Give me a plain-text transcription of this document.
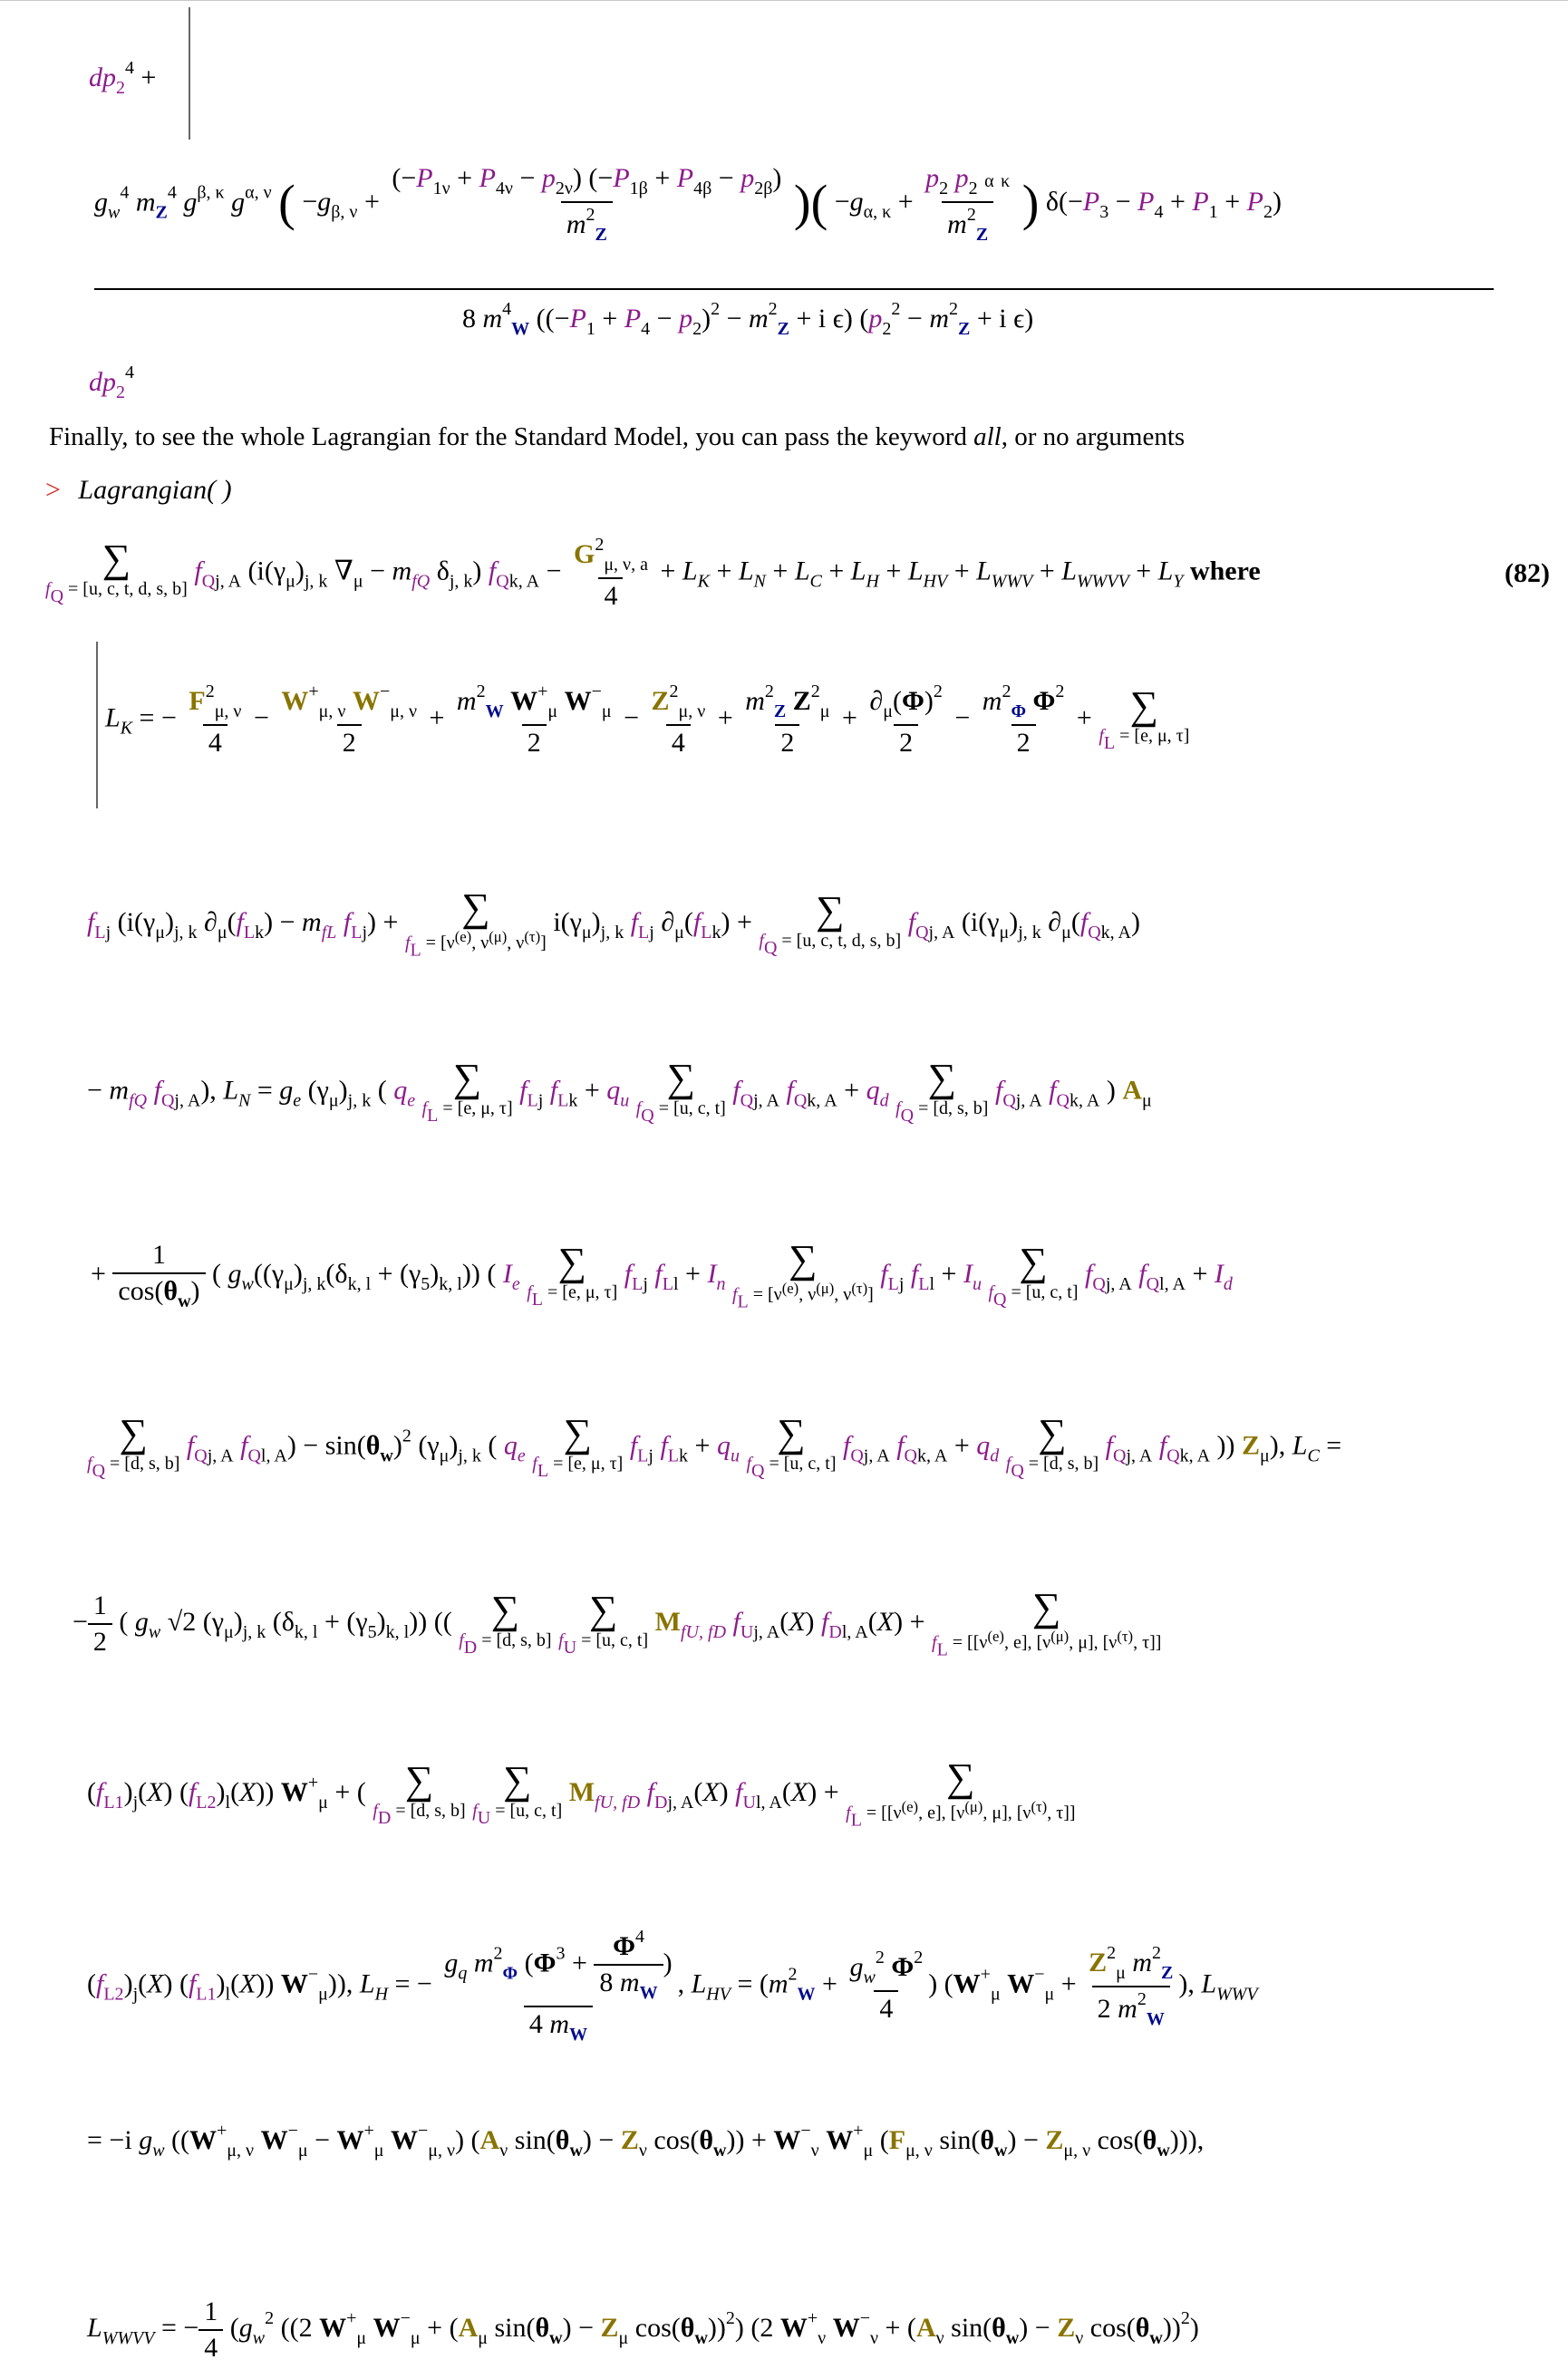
$dp_2^4$ +
$g_w^4$ $m_Z^4$ $g^{\beta, \kappa}$ $g^{\alpha, \nu}$ ( $-g_{\beta, \nu} + \frac{(-P_{1\nu} + P_{4\nu} - p_{2\nu}) (-P_{1\beta} + P_{4\beta} - p_{2\beta})}{m^2_Z}$ )( $-g_{\alpha, \kappa} + \frac{p_2 p_2 \alpha \kappa}{m^2_Z}$ ) $\delta(-P_3 - P_4 + P_1 + P_2)$
8 $m^4_W$ ($(-P_1 + P_4 - p_2)^2 - m^2_Z + i$ ϵ) ($p_2^2 - m^2_Z + i$ ϵ)
$dp_2^4$
Finally, to see the whole Lagrangian for the Standard Model, you can pass the keyword all, or no arguments
> Lagrangian( )
∑
fQ = [u, c, t, d, s, b]
$f_{Qj, A}$ ($i(\gamma_\mu)_{j, k}$ $\nabla_\mu - m_{fQ}$ $\delta_{j, k}$) $f_{Qk, A} - \frac{G^2_{\mu, \nu, a}}{4} + L_K + L_N + L_C + L_H + L_{HV} + L_{WWV} + L_{WWVV} + L_Y$ where	(82)
$L_K$ = − $\frac{F^2_{\mu, \nu}}{4} - \frac{W^+_{\mu, \nu} W^-_{\mu, \nu}}{2} + \frac{m^2_W W^+_\mu W^-_\mu}{2} - \frac{Z^2_{\mu, \nu}}{4} + \frac{m^2_Z Z^2_\mu}{2} + \frac{\partial_\mu(\Phi)^2}{2} - \frac{m^2_\Phi \Phi^2}{2}$ + ∑
fL = [e, μ, τ]
$f_{Lj}$ ($i(\gamma_\mu)_{j, k}$ $\partial_\mu(f_{Lk}) - m_{fL}$ $f_{Lj}$) + ∑
fL = [$\nu^{(e)}$, $\nu^{(\mu)}$, $\nu^{(\tau)}$]
$i(\gamma_\mu)_{j, k}$ $f_{Lj}$ $\partial_\mu(f_{Lk})$ + ∑
fQ = [u, c, t, d, s, b]
$f_{Qj, A}$ ($i(\gamma_\mu)_{j, k}$ $\partial_\mu(f_{Qk, A})$
− $m_{fQ}$ $f_{Qj, A}$), $L_N = g_e$ $(\gamma_\mu)_{j, k}$ ( $q_e$
∑
fL = [e, μ, τ]
$f_{Lj}$ $f_{Lk} + q_u$
∑
fQ = [u, c, t]
$f_{Qj, A}$ $f_{Qk, A} + q_d$
∑
fQ = [d, s, b]
$f_{Qj, A}$ $f_{Qk, A}$ ) $A_\mu$
+ $\frac{1}{\cos(\theta_w)}$ ( $g_w((\gamma_\mu)_{j, k}(\delta_{k, l} + (\gamma_5)_{k, l}))$ ( $I_e$
∑
fL = [e, μ, τ]
$f_{Lj}$ $f_{Ll} + I_n$
∑
fL = [$\nu^{(e)}$, $\nu^{(\mu)}$, $\nu^{(\tau)}$]
$f_{Lj}$ $f_{Ll} + I_u$
∑
fQ = [u, c, t]
$f_{Qj, A}$ $f_{Ql, A} + I_d$
∑
fQ = [d, s, b]
$f_{Qj, A}$ $f_{Ql, A}) - \sin(\theta_w)^2$ $(\gamma_\mu)_{j, k}$ ( $q_e$
∑
fL = [e, μ, τ]
$f_{Lj}$ $f_{Lk} + q_u$
∑
fQ = [u, c, t]
$f_{Qj, A}$ $f_{Qk, A} + q_d$
∑
fQ = [d, s, b]
$f_{Qj, A}$ $f_{Qk, A}$ )) $Z_\mu$), $L_C$ =
− $\frac{1}{2}$ ( $g_w$ √2 $(\gamma_\mu)_{j, k}$ $(\delta_{k, l} + (\gamma_5)_{k, l})$) (( ∑
fD = [d, s, b]

∑
fU = [u, c, t]
$M_{fU, fD}$ $f_{Uj, A}(X) f_{Dl, A}(X)$ +	∑
fL = [[$\nu^{(e)}$, e], [$\nu^{(\mu)}$, μ], [$\nu^{(\tau)}$, τ]]
$(f_{L1})_j(X)$ $(f_{L2})_l(X)$) $W^+_\mu$ + ( ∑
fD = [d, s, b]

∑
fU = [u, c, t]
$M_{fU, fD}$ $f_{Dj, A}(X) f_{Ul, A}(X)$ +	∑
fL = [[$\nu^{(e)}$, e], [$\nu^{(\mu)}$, μ], [$\nu^{(\tau)}$, τ]]
$(f_{L2})_j(X)$ $(f_{L1})_l(X)$) $W^-_\mu$)), $L_H$ = − $\frac{g_q m^2_\Phi (\Phi^3 + \frac{\Phi^4}{8 m_W} )}{4 m_W}$ , $L_{HV} = (m^2_W + \frac{g_w^2 \Phi^2}{4}$ ) ($W^+_\mu$ $W^-_\mu + \frac{Z^2_\mu m^2_Z}{2 m^2_W}$ ), $L_{WWV}$
= −i $g_w$ (($W^+_{\mu, \nu}$ $W^-_\mu - W^+_\mu$ $W^-_{\mu, \nu}$) ($A_\nu$ $\sin(\theta_w) - Z_\nu$ $\cos(\theta_w)) + W^-_\nu$ $W^+_\mu$ ($F_{\mu, \nu}$ $\sin(\theta_w) - Z_{\mu, \nu}$ $\cos(\theta_w)$)),
$L_{WWVV}$ = − $\frac{1}{4} (g_w^2$ ((2 $W^+_\mu$ $W^-_\mu + (A_\mu$ $\sin(\theta_w) - Z_\mu$ $\cos(\theta_w))^2$) (2 $W^+_\nu$ $W^-_\nu + (A_\nu$ $\sin(\theta_w) - Z_\nu$ $\cos(\theta_w))^2$)
